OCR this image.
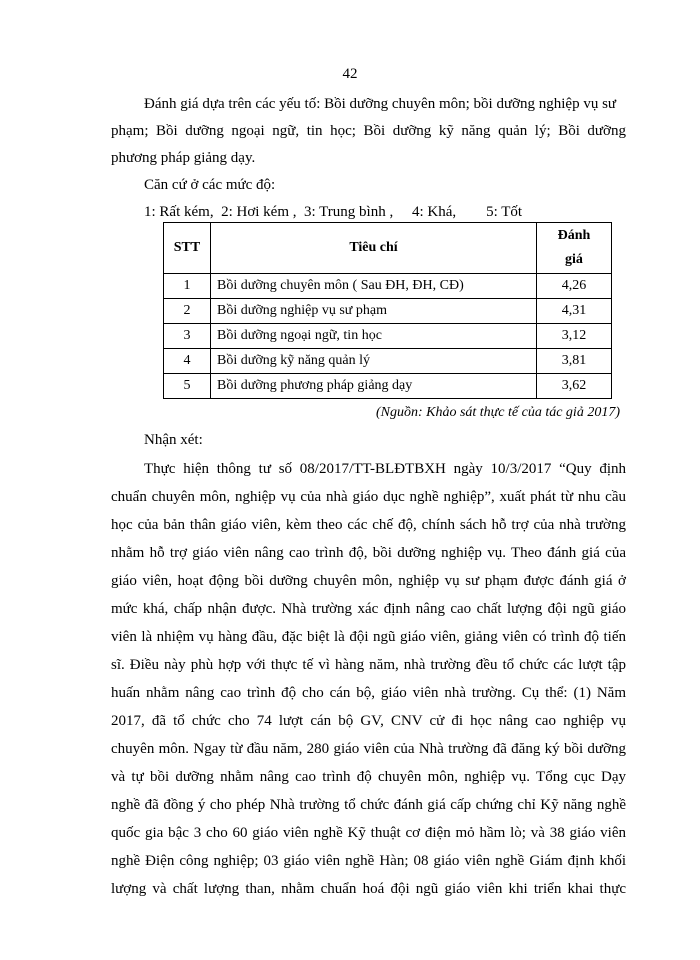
42
Đánh giá dựa trên các yếu tố: Bồi dưỡng chuyên môn; bồi dưỡng nghiệp vụ sư
phạm; Bồi dưỡng ngoại ngữ, tin học; Bồi dưỡng kỹ năng quản lý; Bồi dưỡng
phương pháp giảng dạy.
Căn cứ ở các mức độ:
1: Rất kém,  2: Hơi kém ,  3: Trung bình ,     4: Khá,        5: Tốt
STT	Tiêu chí	Đánh
giá
1	Bồi dưỡng chuyên môn ( Sau ĐH, ĐH, CĐ)	4,26
2	Bồi dưỡng nghiệp vụ sư phạm	4,31
3	Bồi dưỡng ngoại ngữ, tin học	3,12
4	Bồi dưỡng kỹ năng quản lý	3,81
5	Bồi dưỡng phương pháp giảng dạy	3,62
(Nguồn: Khảo sát thực tế của tác giả 2017)
Nhận xét:
Thực hiện thông tư số 08/2017/TT-BLĐTBXH ngày 10/3/2017 “Quy định
chuẩn chuyên môn, nghiệp vụ của nhà giáo dục nghề nghiệp”, xuất phát từ nhu cầu
học của bản thân giáo viên, kèm theo các chế độ, chính sách hỗ trợ của nhà trường
nhằm hỗ trợ giáo viên nâng cao trình độ, bồi dưỡng nghiệp vụ. Theo đánh giá của
giáo viên, hoạt động bồi dưỡng chuyên môn, nghiệp vụ sư phạm được đánh giá ở
mức khá, chấp nhận được. Nhà trường xác định nâng cao chất lượng đội ngũ giáo
viên là nhiệm vụ hàng đầu, đặc biệt là đội ngũ giáo viên, giảng viên có trình độ tiến
sĩ. Điều này phù hợp với thực tế vì hàng năm, nhà trường đều tổ chức các lượt tập
huấn nhằm nâng cao trình độ cho cán bộ, giáo viên nhà trường. Cụ thể: (1) Năm
2017, đã tổ chức cho 74 lượt cán bộ GV, CNV cử đi học nâng cao nghiệp vụ
chuyên môn. Ngay từ đầu năm, 280 giáo viên của Nhà trường đã đăng ký bồi dưỡng
và tự bồi dưỡng nhằm nâng cao trình độ chuyên môn, nghiệp vụ. Tổng cục Dạy
nghề đã đồng ý cho phép Nhà trường tổ chức đánh giá cấp chứng chỉ Kỹ năng nghề
quốc gia bậc 3 cho 60 giáo viên nghề Kỹ thuật cơ điện mỏ hầm lò; và 38 giáo viên
nghề Điện công nghiệp; 03 giáo viên nghề Hàn; 08 giáo viên nghề Giám định khối
lượng và chất lượng than, nhằm chuẩn hoá đội ngũ giáo viên khi triển khai thực
